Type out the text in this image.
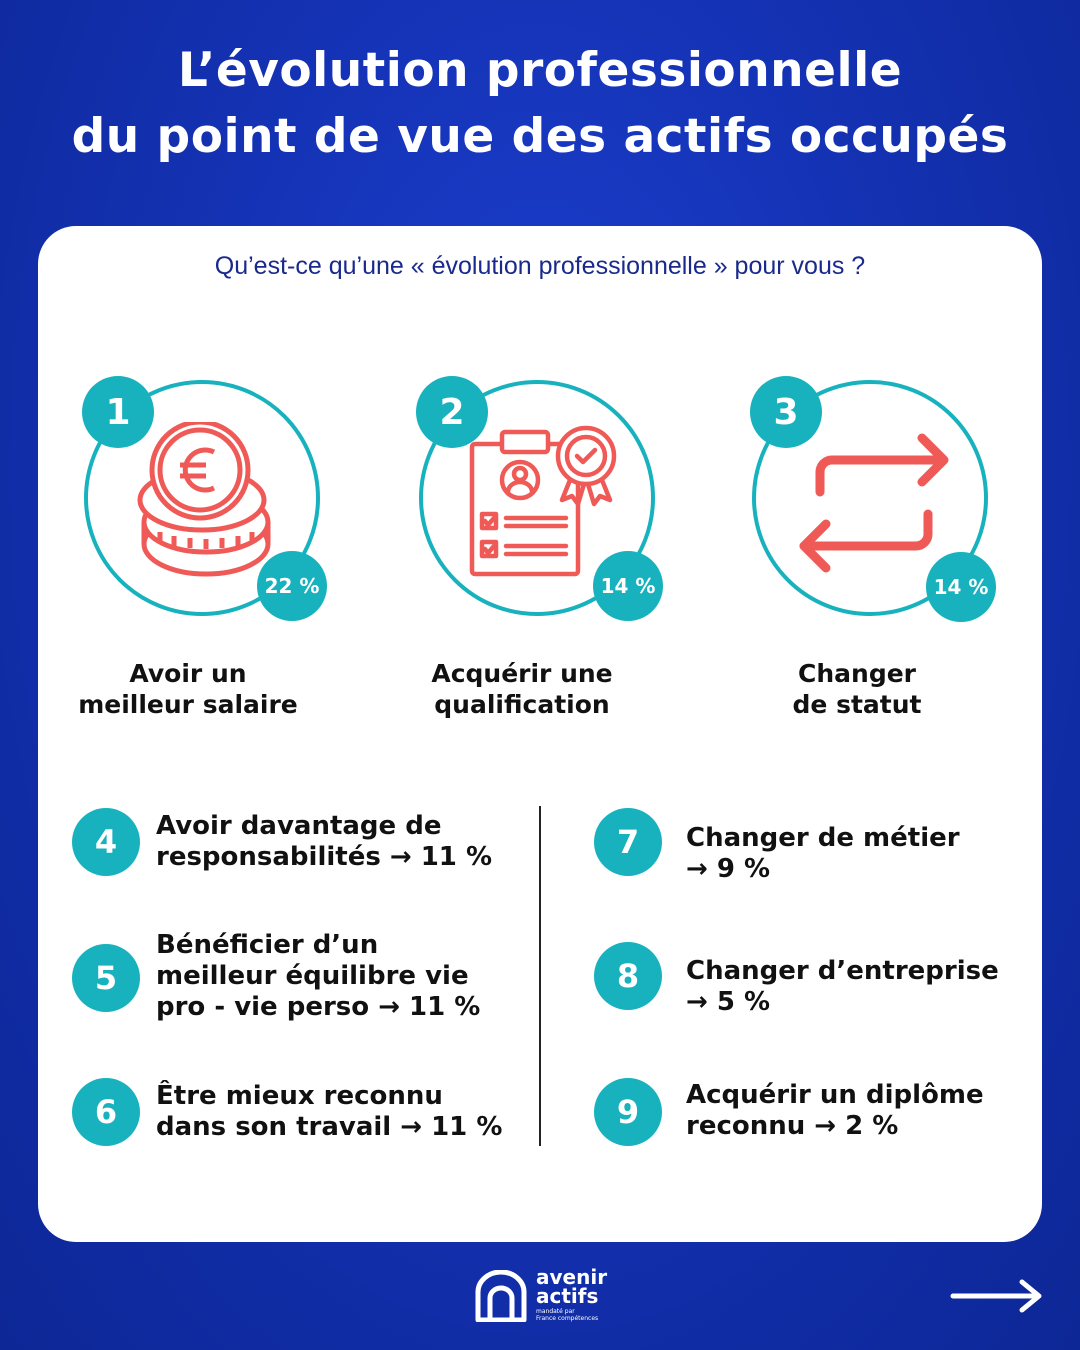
L’évolution professionnelle
du point de vue des actifs occupés
Qu’est-ce qu’une « évolution professionnelle » pour vous ?
1
22 %
Avoir un
meilleur salaire
2
14 %
Acquérir une
qualification
3
14 %
Changer
de statut
4	Avoir davantage de
responsabilités → 11 %
5
Bénéficier d’un
meilleur équilibre vie
pro - vie perso → 11 %
6	Être mieux reconnu
dans son travail → 11 %
7	Changer de métier
→ 9 %
8	Changer d’entreprise
→ 5 %
9	Acquérir un diplôme
reconnu → 2 %
avenir
actifs
mandaté par
France compétences
